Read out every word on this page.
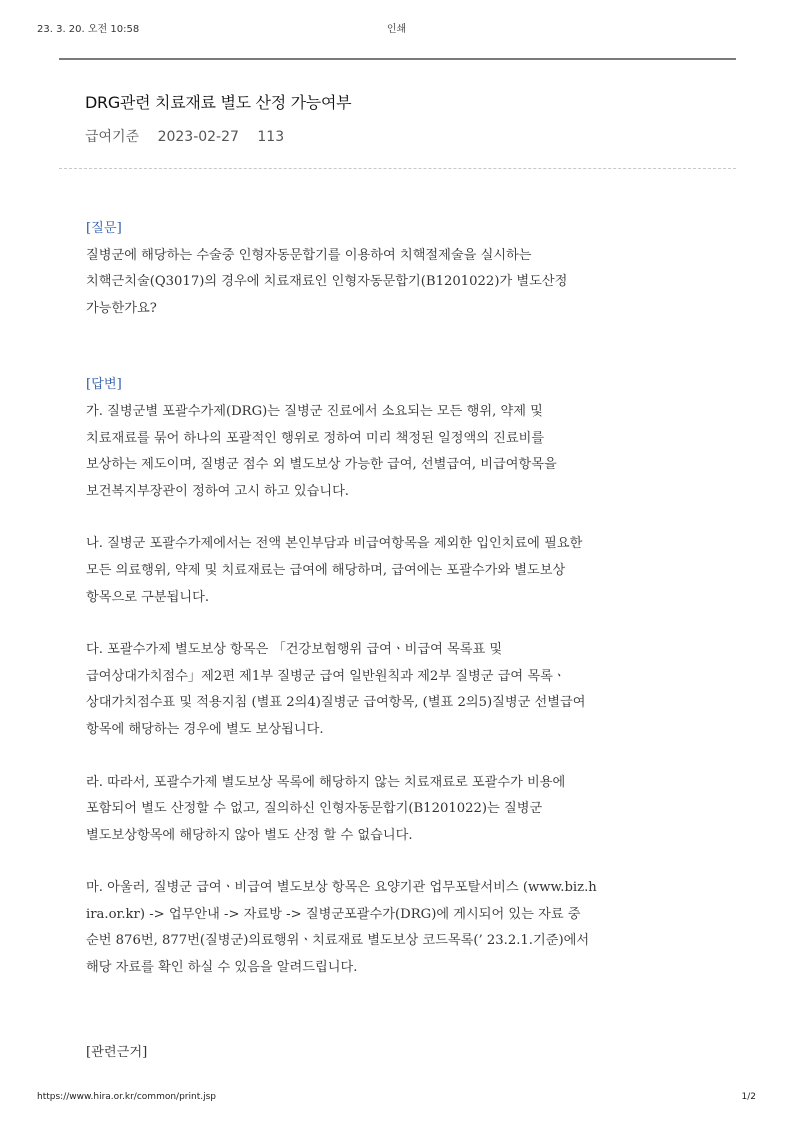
23. 3. 20. 오전 10:58	인쇄
DRG관련 치료재료 별도 산정 가능여부
급여기준 2023-02-27 113

[질문]

질병군에 해당하는 수술중 인형자동문합기를 이용하여 치핵절제술을 실시하는

치핵근치술(Q3017)의 경우에 치료재료인 인형자동문합기(B1201022)가 별도산정

가능한가요?

[답변]

가. 질병군별 포괄수가제(DRG)는 질병군 진료에서 소요되는 모든 행위, 약제 및

치료재료를 묶어 하나의 포괄적인 행위로 정하여 미리 책정된 일정액의 진료비를

보상하는 제도이며, 질병군 점수 외 별도보상 가능한 급여, 선별급여, 비급여항목을

보건복지부장관이 정하여 고시 하고 있습니다.

나. 질병군 포괄수가제에서는 전액 본인부담과 비급여항목을 제외한 입인치료에 필요한

모든 의료행위, 약제 및 치료재료는 급여에 해당하며, 급여에는 포괄수가와 별도보상

항목으로 구분됩니다.

다. 포괄수가제 별도보상 항목은 「건강보험행위 급여ㆍ비급여 목록표 및

급여상대가치점수」제2편 제1부 질병군 급여 일반원칙과 제2부 질병군 급여 목록ㆍ

상대가치점수표 및 적용지침 (별표 2의4)질병군 급여항목, (별표 2의5)질병군 선별급여

항목에 해당하는 경우에 별도 보상됩니다.

라. 따라서, 포괄수가제 별도보상 목록에 해당하지 않는 치료재료로 포괄수가 비용에

포함되어 별도 산정할 수 없고, 질의하신 인형자동문합기(B1201022)는 질병군

별도보상항목에 해당하지 않아 별도 산정 할 수 없습니다.

마. 아울러, 질병군 급여ㆍ비급여 별도보상 항목은 요양기관 업무포탈서비스 (www.biz.h

ira.or.kr) -> 업무안내 -> 자료방 -> 질병군포괄수가(DRG)에 게시되어 있는 자료 중

순번 876번, 877번(질병군)의료행위ㆍ치료재료 별도보상 코드목록(’ 23.2.1.기준)에서

해당 자료를 확인 하실 수 있음을 알려드립니다.

[관련근거]

https://www.hira.or.kr/common/print.jsp	1/2
